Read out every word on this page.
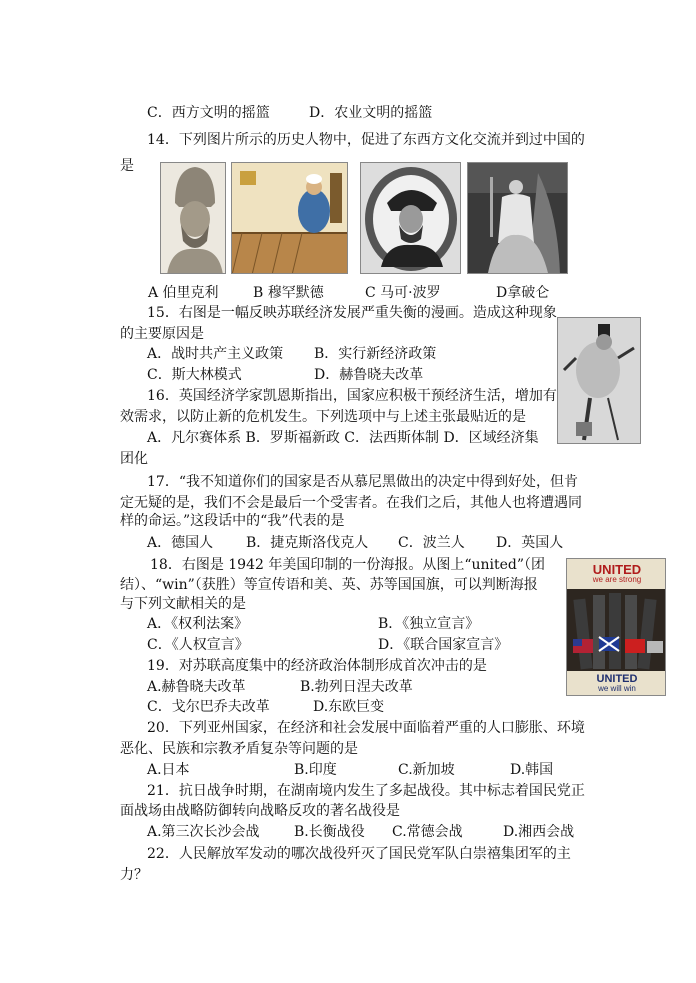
C．西方文明的摇篮	D．农业文明的摇篮
14．下列图片所示的历史人物中，促进了东西方文化交流并到过中国的
是
A 伯里克利 B 穆罕默德	C 马可·波罗	D拿破仑
15．右图是一幅反映苏联经济发展严重失衡的漫画。造成这种现象
的主要原因是
A．战时共产主义政策 B．实行新经济政策
C．斯大林模式	D．赫鲁晓夫改革
16．英国经济学家凯恩斯指出，国家应积极干预经济生活，增加有
效需求，以防止新的危机发生。下列选项中与上述主张最贴近的是
A．凡尔赛体系 B．罗斯福新政 C．法西斯体制 D．区域经济集
团化
17．“我不知道你们的国家是否从慕尼黑做出的决定中得到好处，但肯
定无疑的是，我们不会是最后一个受害者。在我们之后，其他人也将遭遇同
样的命运。”这段话中的“我”代表的是
A．德国人 B．捷克斯洛伐克人 C．波兰人 D．英国人
18．右图是 1942 年美国印制的一份海报。从图上“united”（团
结）、“win”（获胜）等宣传语和美、英、苏等国国旗，可以判断海报
与下列文献相关的是
A．《权利法案》	B．《独立宣言》
C．《人权宣言》	D．《联合国家宣言》
UNITED
we are strong
UNITED
we will win
19．对苏联高度集中的经济政治体制形成首次冲击的是
A.赫鲁晓夫改革	B.勃列日涅夫改革
C．戈尔巴乔夫改革	D.东欧巨变
20．下列亚州国家，在经济和社会发展中面临着严重的人口膨胀、环境
恶化、民族和宗教矛盾复杂等问题的是
A.日本	B.印度	C.新加坡	D.韩国
21．抗日战争时期，在湖南境内发生了多起战役。其中标志着国民党正
面战场由战略防御转向战略反攻的著名战役是
A.第三次长沙会战 B.长衡战役 C.常德会战	D.湘西会战
22．人民解放军发动的哪次战役歼灭了国民党军队白崇禧集团军的主
力？
